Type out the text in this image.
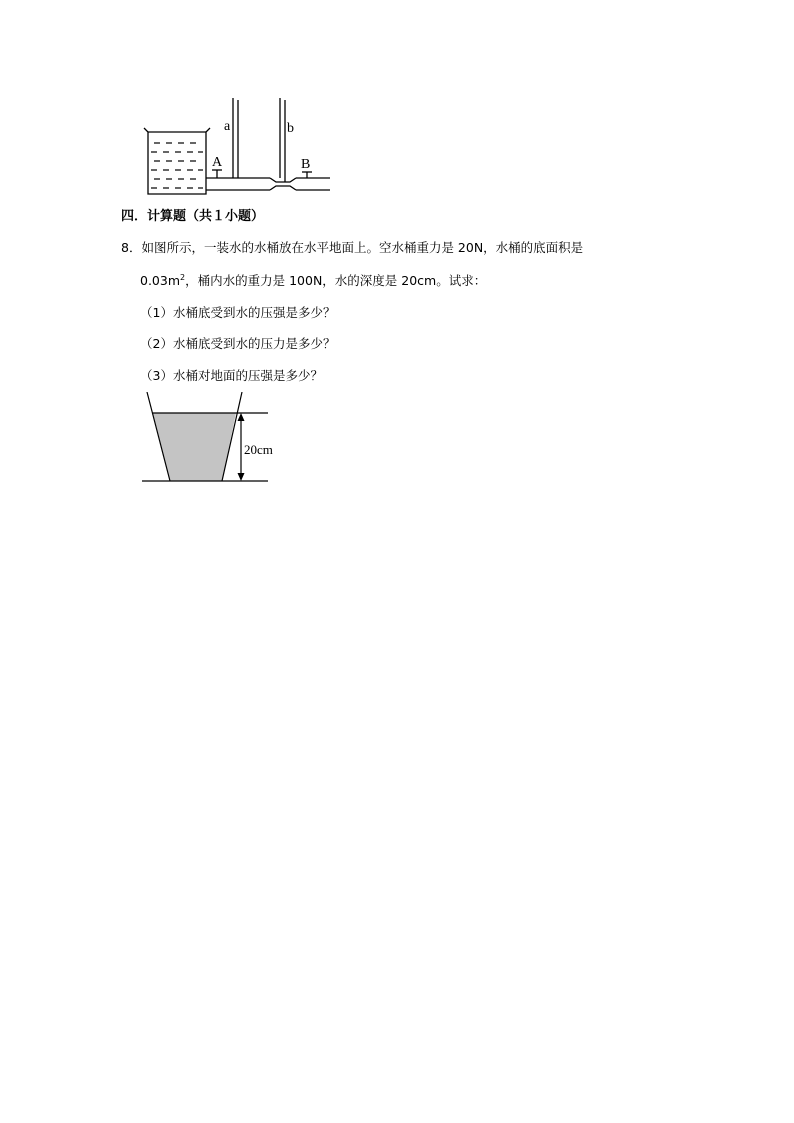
a	b
A	B
四．计算题（共１小题）
8．如图所示，一装水的水桶放在水平地面上。空水桶重力是 20N，水桶的底面积是
$0.03m^2$，桶内水的重力是 100N，水的深度是 20cm。试求：
（1）水桶底受到水的压强是多少？
（2）水桶底受到水的压力是多少？
（3）水桶对地面的压强是多少？
20cm
